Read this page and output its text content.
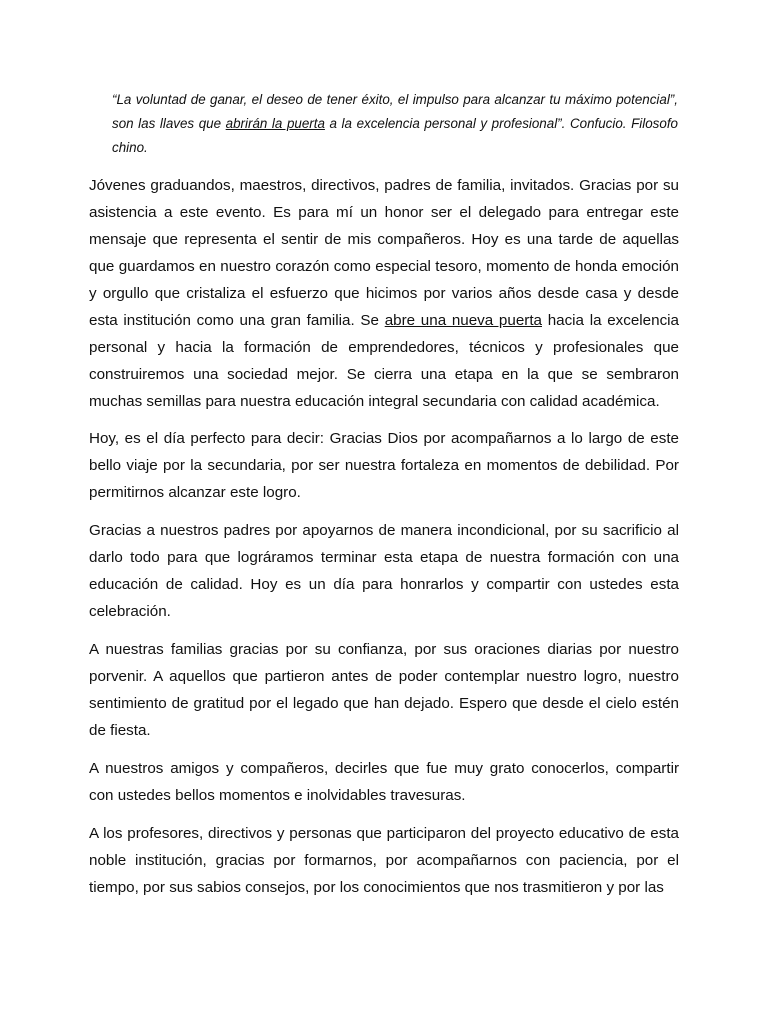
“La voluntad de ganar, el deseo de tener éxito, el impulso para alcanzar tu máximo potencial”, son las llaves que abrirán la puerta a la excelencia personal y profesional”. Confucio. Filosofo chino.

Jóvenes graduandos, maestros, directivos, padres de familia, invitados. Gracias por su asistencia a este evento. Es para mí un honor ser el delegado para entregar este mensaje que representa el sentir de mis compañeros. Hoy es una tarde de aquellas que guardamos en nuestro corazón como especial tesoro, momento de honda emoción y orgullo que cristaliza el esfuerzo que hicimos por varios años desde casa y desde esta institución como una gran familia. Se abre una nueva puerta hacia la excelencia personal y hacia la formación de emprendedores, técnicos y profesionales que construiremos una sociedad mejor. Se cierra una etapa en la que se sembraron muchas semillas para nuestra educación integral secundaria con calidad académica.

Hoy, es el día perfecto para decir: Gracias Dios por acompañarnos a lo largo de este bello viaje por la secundaria, por ser nuestra fortaleza en momentos de debilidad. Por permitirnos alcanzar este logro.

Gracias a nuestros padres por apoyarnos de manera incondicional, por su sacrificio al darlo todo para que lográramos terminar esta etapa de nuestra formación con una educación de calidad. Hoy es un día para honrarlos y compartir con ustedes esta celebración.

A nuestras familias gracias por su confianza, por sus oraciones diarias por nuestro porvenir. A aquellos que partieron antes de poder contemplar nuestro logro, nuestro sentimiento de gratitud por el legado que han dejado. Espero que desde el cielo estén de fiesta.

A nuestros amigos y compañeros, decirles que fue muy grato conocerlos, compartir con ustedes bellos momentos e inolvidables travesuras.

A los profesores, directivos y personas que participaron del proyecto educativo de esta noble institución, gracias por formarnos, por acompañarnos con paciencia, por el tiempo, por sus sabios consejos, por los conocimientos que nos trasmitieron y por las
